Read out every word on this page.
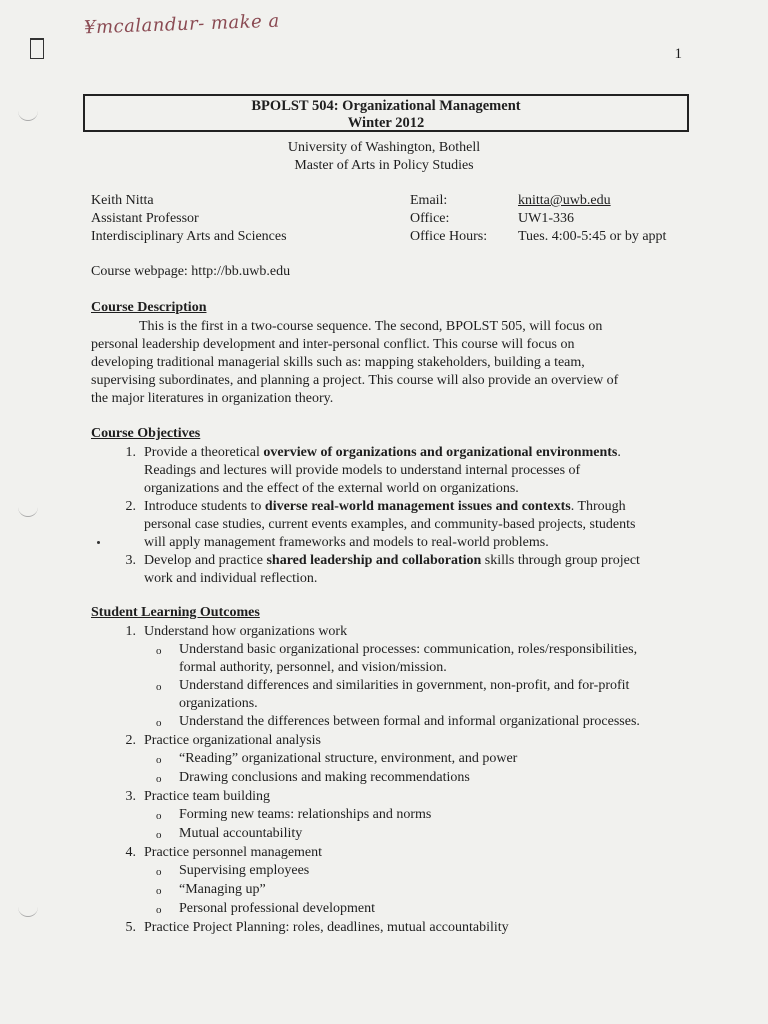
¥mcalandur- make a
1
BPOLST 504: Organizational Management
Winter 2012
University of Washington, Bothell
Master of Arts in Policy Studies
Keith Nitta
Assistant Professor
Interdisciplinary Arts and Sciences
Email:	knitta@uwb.edu
Office:	UW1-336
Office Hours:	Tues. 4:00-5:45 or by appt
Course webpage: http://bb.uwb.edu
Course Description
This is the first in a two-course sequence. The second, BPOLST 505, will focus on
personal leadership development and inter-personal conflict. This course will focus on
developing traditional managerial skills such as: mapping stakeholders, building a team,
supervising subordinates, and planning a project. This course will also provide an overview of
the major literatures in organization theory.
Course Objectives
1. Provide a theoretical overview of organizations and organizational environments.
Readings and lectures will provide models to understand internal processes of
organizations and the effect of the external world on organizations.
2. Introduce students to diverse real-world management issues and contexts. Through
personal case studies, current events examples, and community-based projects, students
will apply management frameworks and models to real-world problems.
3. Develop and practice shared leadership and collaboration skills through group project
work and individual reflection.
Student Learning Outcomes
1. Understand how organizations work
o	Understand basic organizational processes: communication, roles/responsibilities,
formal authority, personnel, and vision/mission.
o	Understand differences and similarities in government, non-profit, and for-profit
organizations.
o	Understand the differences between formal and informal organizational processes.
2. Practice organizational analysis
o	“Reading” organizational structure, environment, and power
o	Drawing conclusions and making recommendations
3. Practice team building
o	Forming new teams: relationships and norms
o	Mutual accountability
4. Practice personnel management
o	Supervising employees
o	“Managing up”
o	Personal professional development
5. Practice Project Planning: roles, deadlines, mutual accountability
